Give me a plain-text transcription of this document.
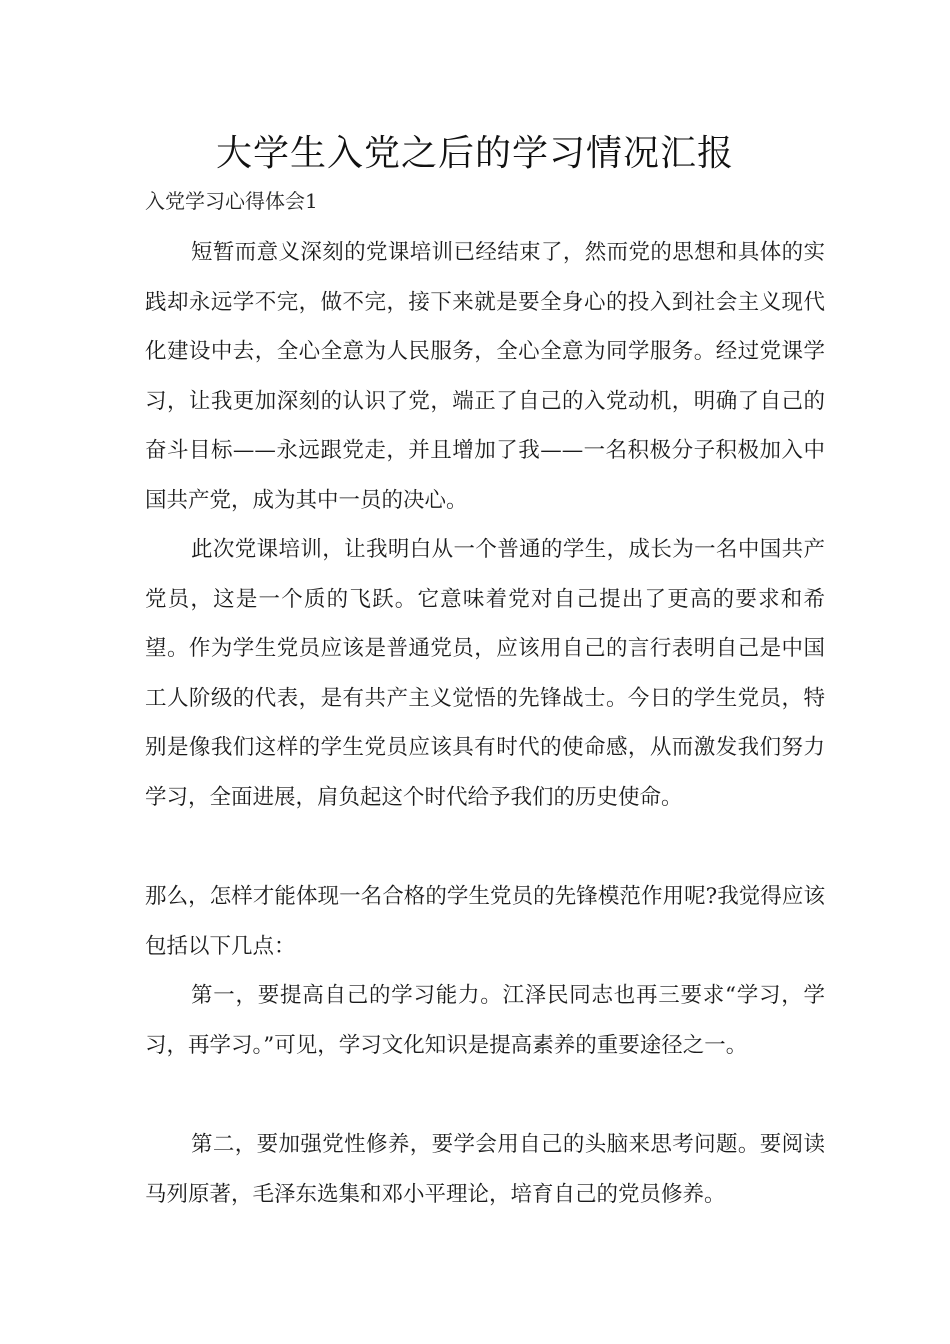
大学生入党之后的学习情况汇报

入党学习心得体会1

短暂而意义深刻的党课培训已经结束了，然而党的思想和具体的实践却永远学不完，做不完，接下来就是要全身心的投入到社会主义现代化建设中去，全心全意为人民服务，全心全意为同学服务。经过党课学习，让我更加深刻的认识了党，端正了自己的入党动机，明确了自己的奋斗目标——永远跟党走，并且增加了我——一名积极分子积极加入中国共产党，成为其中一员的决心。

此次党课培训，让我明白从一个普通的学生，成长为一名中国共产党员，这是一个质的飞跃。它意味着党对自己提出了更高的要求和希望。作为学生党员应该是普通党员，应该用自己的言行表明自己是中国工人阶级的代表，是有共产主义觉悟的先锋战士。今日的学生党员，特别是像我们这样的学生党员应该具有时代的使命感，从而激发我们努力学习，全面进展，肩负起这个时代给予我们的历史使命。

那么，怎样才能体现一名合格的学生党员的先锋模范作用呢?我觉得应该包括以下几点：

第一，要提高自己的学习能力。江泽民同志也再三要求“学习，学习，再学习。”可见，学习文化知识是提高素养的重要途径之一。

第二，要加强党性修养，要学会用自己的头脑来思考问题。要阅读马列原著，毛泽东选集和邓小平理论，培育自己的党员修养。
